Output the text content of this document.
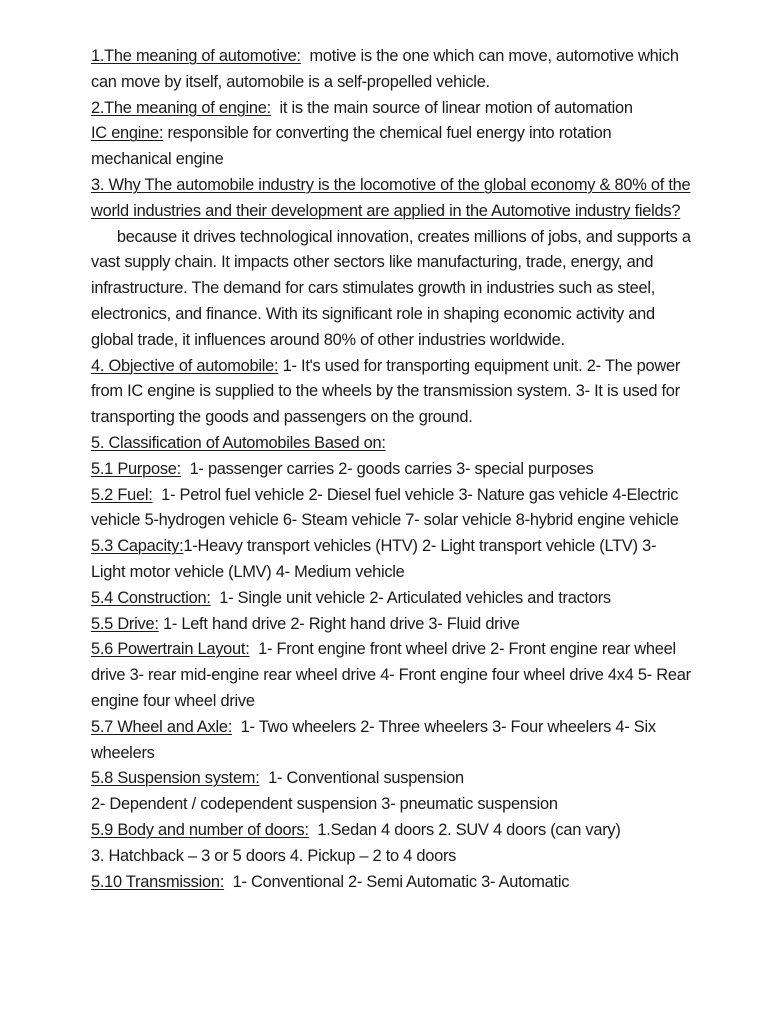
1.The meaning of automotive: motive is the one which can move, automotive which can move by itself, automobile is a self-propelled vehicle.

2.The meaning of engine: it is the main source of linear motion of automation

IC engine: responsible for converting the chemical fuel energy into rotation mechanical engine

3. Why The automobile industry is the locomotive of the global economy & 80% of the world industries and their development are applied in the Automotive industry fields?      because it drives technological innovation, creates millions of jobs, and supports a vast supply chain. It impacts other sectors like manufacturing, trade, energy, and infrastructure. The demand for cars stimulates growth in industries such as steel, electronics, and finance. With its significant role in shaping economic activity and global trade, it influences around 80% of other industries worldwide.

4. Objective of automobile: 1- It's used for transporting equipment unit. 2- The power from IC engine is supplied to the wheels by the transmission system. 3- It is used for transporting the goods and passengers on the ground.

5. Classification of Automobiles Based on:

5.1 Purpose: 1- passenger carries 2- goods carries 3- special purposes

5.2 Fuel: 1- Petrol fuel vehicle 2- Diesel fuel vehicle 3- Nature gas vehicle 4-Electric vehicle 5-hydrogen vehicle 6- Steam vehicle 7- solar vehicle 8-hybrid engine vehicle

5.3 Capacity:1-Heavy transport vehicles (HTV) 2- Light transport vehicle (LTV) 3- Light motor vehicle (LMV) 4- Medium vehicle

5.4 Construction: 1- Single unit vehicle 2- Articulated vehicles and tractors

5.5 Drive: 1- Left hand drive 2- Right hand drive 3- Fluid drive

5.6 Powertrain Layout: 1- Front engine front wheel drive 2- Front engine rear wheel drive 3- rear mid-engine rear wheel drive 4- Front engine four wheel drive 4x4 5- Rear engine four wheel drive

5.7 Wheel and Axle: 1- Two wheelers 2- Three wheelers 3- Four wheelers 4- Six wheelers

5.8 Suspension system: 1- Conventional suspension

2- Dependent / codependent suspension 3- pneumatic suspension

5.9 Body and number of doors: 1.Sedan 4 doors 2. SUV 4 doors (can vary)

3. Hatchback – 3 or 5 doors 4. Pickup – 2 to 4 doors

5.10 Transmission: 1- Conventional 2- Semi Automatic 3- Automatic
